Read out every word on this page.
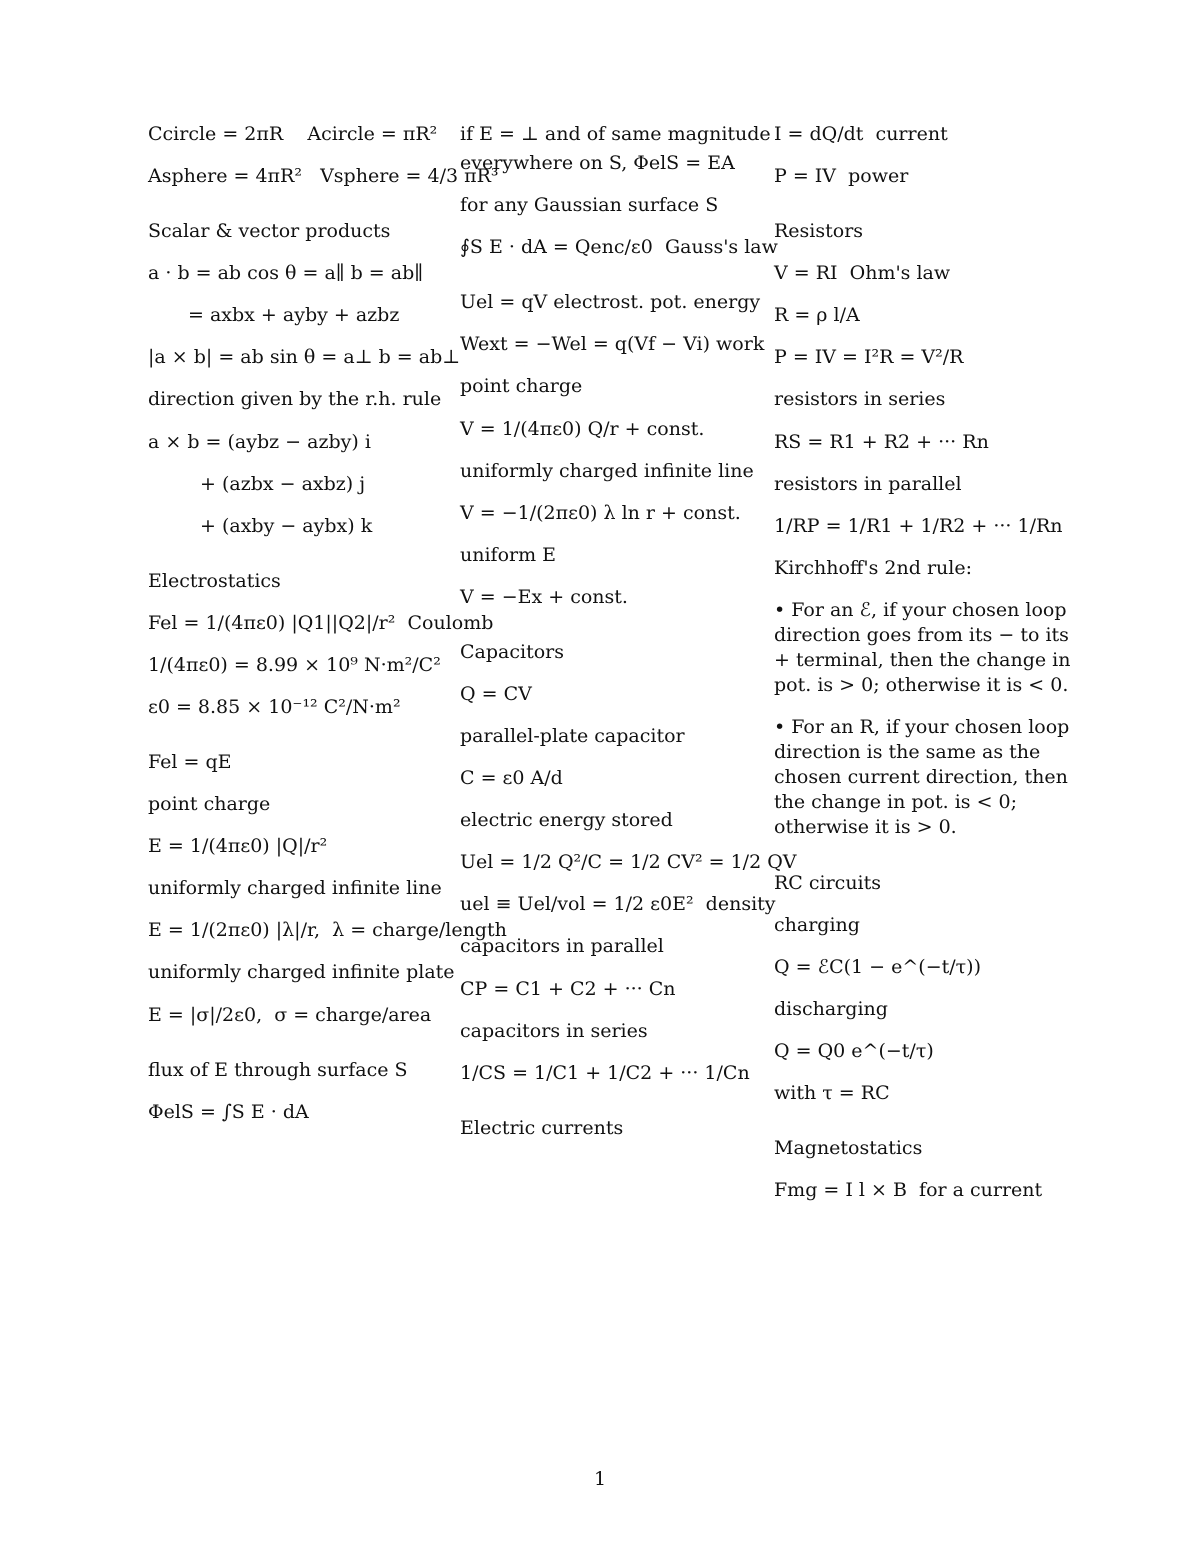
Ccircle = 2πR Acircle = πR²
Asphere = 4πR² Vsphere = 4/3 πR³
Scalar & vector products
a · b = ab cos θ = a∥ b = ab∥
= axbx + ayby + azbz
|a × b| = ab sin θ = a⊥ b = ab⊥
direction given by the r.h. rule
a × b = (aybz − azby) i
+ (azbx − axbz) j
+ (axby − aybx) k
Electrostatics
Fel = 1/(4πε0) |Q1||Q2|/r² Coulomb
1/(4πε0) = 8.99 × 10⁹ N·m²/C²
ε0 = 8.85 × 10⁻¹² C²/N·m²
Fel = qE
point charge
E = 1/(4πε0) |Q|/r²
uniformly charged infinite line
E = 1/(2πε0) |λ|/r, λ = charge/length
uniformly charged infinite plate
E = |σ|/2ε0, σ = charge/area
flux of E through surface S
ΦelS = ∫S E · dA
if E = ⊥ and of same magnitude
everywhere on S, ΦelS = EA
for any Gaussian surface S
∮S E · dA = Qenc/ε0 Gauss's law
Uel = qV electrost. pot. energy
Wext = −Wel = q(Vf − Vi) work
point charge
V = 1/(4πε0) Q/r + const.
uniformly charged infinite line
V = −1/(2πε0) λ ln r + const.
uniform E
V = −Ex + const.
Capacitors
Q = CV
parallel-plate capacitor
C = ε0 A/d
electric energy stored
Uel = 1/2 Q²/C = 1/2 CV² = 1/2 QV
uel ≡ Uel/vol = 1/2 ε0E² density
capacitors in parallel
CP = C1 + C2 + ··· Cn
capacitors in series
1/CS = 1/C1 + 1/C2 + ··· 1/Cn
Electric currents
I = dQ/dt current
P = IV power
Resistors
V = RI Ohm's law
R = ρ l/A
P = IV = I²R = V²/R
resistors in series
RS = R1 + R2 + ··· Rn
resistors in parallel
1/RP = 1/R1 + 1/R2 + ··· 1/Rn
Kirchhoff's 2nd rule:
• For an ℰ, if your chosen loop direction goes from its − to its + terminal, then the change in pot. is > 0; otherwise it is < 0.
• For an R, if your chosen loop direction is the same as the chosen current direction, then the change in pot. is < 0; otherwise it is > 0.
RC circuits
charging
Q = ℰC(1 − e^(−t/τ))
discharging
Q = Q0 e^(−t/τ)
with τ = RC
Magnetostatics
Fmg = I l × B for a current
1
